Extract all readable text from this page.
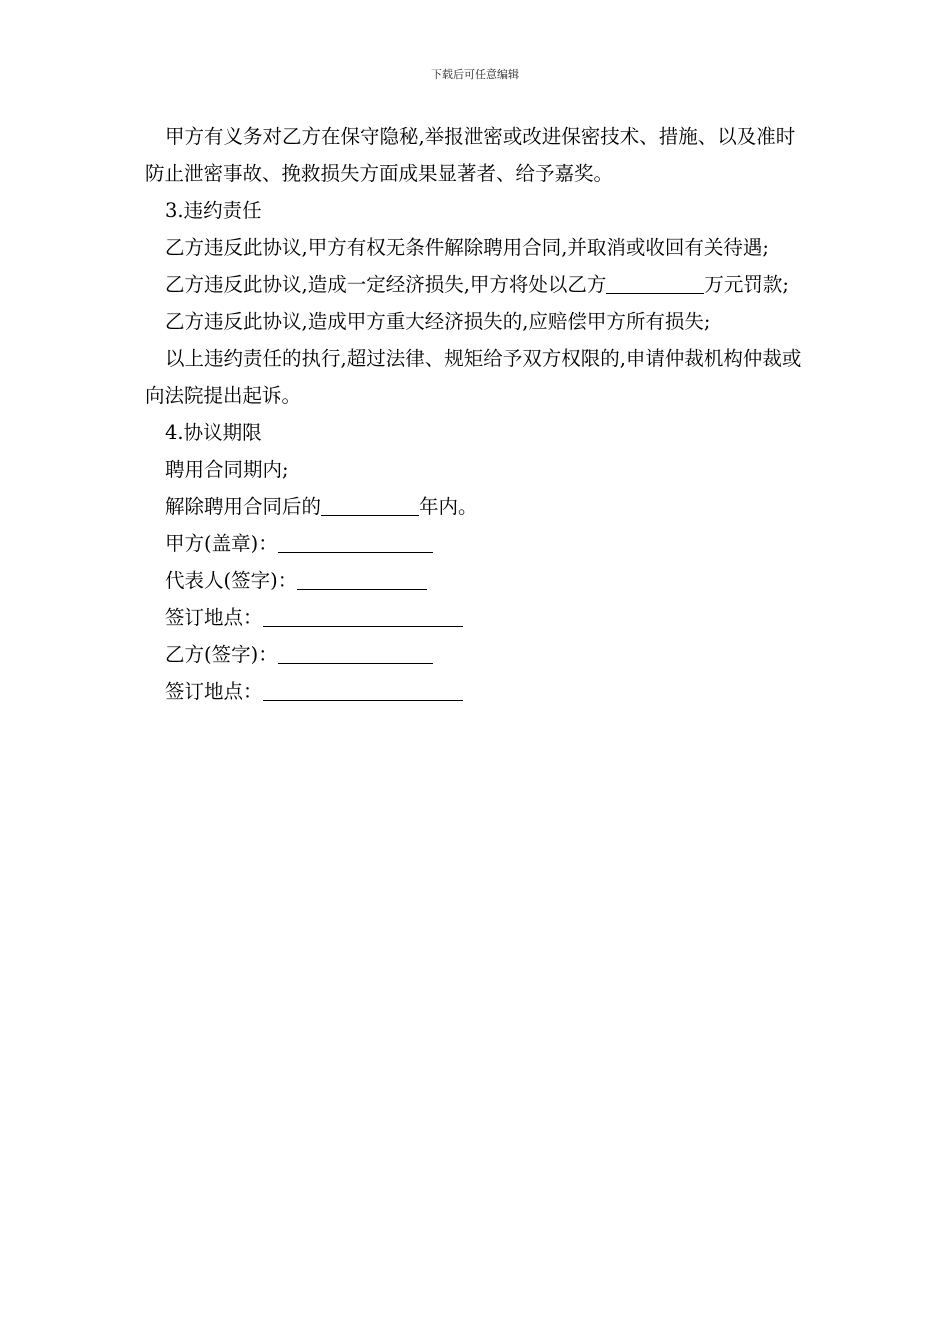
下载后可任意编辑

甲方有义务对乙方在保守隐秘,举报泄密或改进保密技术、措施、以及准时防止泄密事故、挽救损失方面成果显著者、给予嘉奖。

3.违约责任

乙方违反此协议,甲方有权无条件解除聘用合同,并取消或收回有关待遇;

乙方违反此协议,造成一定经济损失,甲方将处以乙方	万元罚款;

乙方违反此协议,造成甲方重大经济损失的,应赔偿甲方所有损失;

以上违约责任的执行,超过法律、规矩给予双方权限的,申请仲裁机构仲裁或向法院提出起诉。

4.协议期限

聘用合同期内;

解除聘用合同后的	年内。

甲方(盖章)：

代表人(签字)：

签订地点：

乙方(签字)：

签订地点：
